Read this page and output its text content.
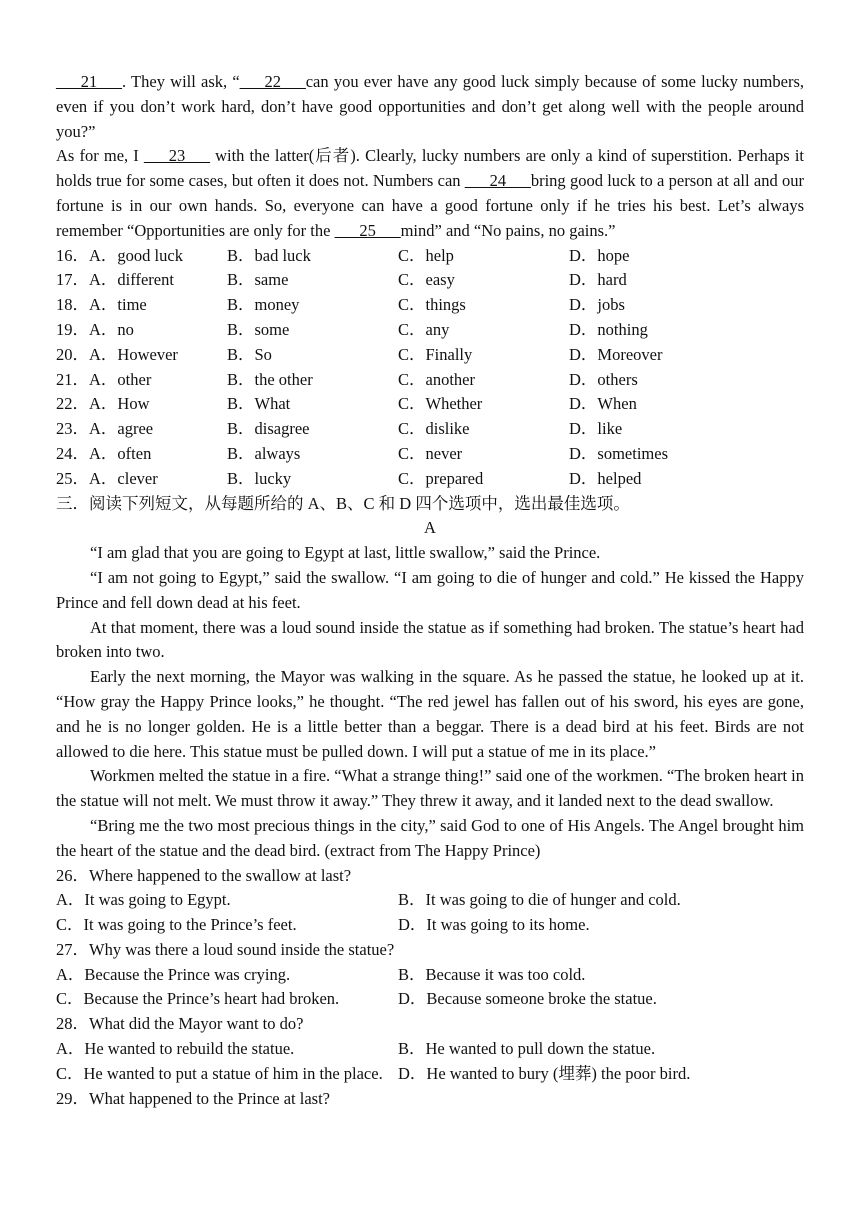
___21___. They will ask, “___22___can you ever have any good luck simply because of some lucky numbers, even if you don’t work hard, don’t have good opportunities and don’t get along well with the people around you?”

As for me, I ___23___ with the latter(后者). Clearly, lucky numbers are only a kind of superstition. Perhaps it holds true for some cases, but often it does not. Numbers can ___24___bring good luck to a person at all and our fortune is in our own hands. So, everyone can have a good fortune only if he tries his best. Let’s always remember “Opportunities are only for the ___25___mind” and “No pains, no gains.”

16．A．good luck	B．bad luck	C．help	D．hope
17．A．different	B．same	C．easy	D．hard
18．A．time	B．money	C．things	D．jobs
19．A．no	B．some	C．any	D．nothing
20．A．However	B．So	C．Finally	D．Moreover
21．A．other	B．the other	C．another	D．others
22．A．How	B．What	C．Whether	D．When
23．A．agree	B．disagree	C．dislike	D．like
24．A．often	B．always	C．never	D．sometimes
25．A．clever	B．lucky	C．prepared	D．helped

三．阅读下列短文，从每题所给的 A、B、C 和 D 四个选项中，选出最佳选项。

A

“I am glad that you are going to Egypt at last, little swallow,” said the Prince.

“I am not going to Egypt,” said the swallow. “I am going to die of hunger and cold.” He kissed the Happy Prince and fell down dead at his feet.

At that moment, there was a loud sound inside the statue as if something had broken. The statue’s heart had broken into two.

Early the next morning, the Mayor was walking in the square. As he passed the statue, he looked up at it. “How gray the Happy Prince looks,” he thought. “The red jewel has fallen out of his sword, his eyes are gone, and he is no longer golden. He is a little better than a beggar. There is a dead bird at his feet. Birds are not allowed to die here. This statue must be pulled down. I will put a statue of me in its place.”

Workmen melted the statue in a fire. “What a strange thing!” said one of the workmen. “The broken heart in the statue will not melt. We must throw it away.” They threw it away, and it landed next to the dead swallow.

“Bring me the two most precious things in the city,” said God to one of His Angels. The Angel brought him the heart of the statue and the dead bird. (extract from The Happy Prince)

26．Where happened to the swallow at last?

A．It was going to Egypt.	B．It was going to die of hunger and cold.
C．It was going to the Prince’s feet.	D．It was going to its home.

27．Why was there a loud sound inside the statue?

A．Because the Prince was crying.	B．Because it was too cold.
C．Because the Prince’s heart had broken.	D．Because someone broke the statue.

28．What did the Mayor want to do?

A．He wanted to rebuild the statue.	B．He wanted to pull down the statue.
C．He wanted to put a statue of him in the place. D．He wanted to bury (埋葬) the poor bird.

29．What happened to the Prince at last?
